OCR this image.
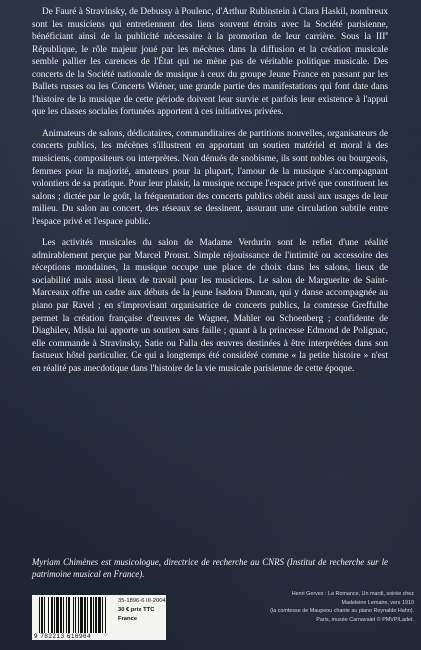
De Fauré à Stravinsky, de Debussy à Poulenc, d'Arthur Rubinstein à Clara Haskil, nombreux sont les musiciens qui entretiennent des liens souvent étroits avec la Société parisienne, bénéficiant ainsi de la publicité nécessaire à la promotion de leur carrière. Sous la IIIe République, le rôle majeur joué par les mécènes dans la diffusion et la création musicale semble pallier les carences de l'État qui ne mène pas de véritable politique musicale. Des concerts de la Société nationale de musique à ceux du groupe Jeune France en passant par les Ballets russes ou les Concerts Wiéner, une grande partie des manifestations qui font date dans l'histoire de la musique de cette période doivent leur survie et parfois leur existence à l'appui que les classes sociales fortunées apportent à ces initiatives privées.

Animateurs de salons, dédicataires, commanditaires de partitions nouvelles, organisateurs de concerts publics, les mécènes s'illustrent en apportant un soutien matériel et moral à des musiciens, compositeurs ou interprètes. Non dénués de snobisme, ils sont nobles ou bourgeois, femmes pour la majorité, amateurs pour la plupart, l'amour de la musique s'accompagnant volontiers de sa pratique. Pour leur plaisir, la musique occupe l'espace privé que constituent les salons ; dictée par le goût, la fréquentation des concerts publics obéit aussi aux usages de leur milieu. Du salon au concert, des réseaux se dessinent, assurant une circulation subtile entre l'espace privé et l'espace public.

Les activités musicales du salon de Madame Verdurin sont le reflet d'une réalité admirablement perçue par Marcel Proust. Simple réjouissance de l'intimité ou accessoire des réceptions mondaines, la musique occupe une place de choix dans les salons, lieux de sociabilité mais aussi lieux de travail pour les musiciens. Le salon de Marguerite de Saint-Marceaux offre un cadre aux débuts de la jeune Isadora Duncan, qui y danse accompagnée au piano par Ravel ; en s'improvisant organisatrice de concerts publics, la comtesse Greffulhe permet la création française d'œuvres de Wagner, Mahler ou Schoenberg ; confidente de Diaghilev, Misia lui apporte un soutien sans faille ; quant à la princesse Edmond de Polignac, elle commande à Stravinsky, Satie ou Falla des œuvres destinées à être interprétées dans son fastueux hôtel particulier. Ce qui a longtemps été considéré comme « la petite histoire » n'est en réalité pas anecdotique dans l'histoire de la vie musicale parisienne de cette époque.

Myriam Chimènes est musicologue, directrice de recherche au CNRS (Institut de recherche sur le patrimoine musical en France).
9 782213 616964
35-1896-6 III-2004
30 € prix TTC France
Henri Gervex : La Romance, Un mardi, soirée chez
Madeleine Lemaire, vers 1910
(la comtesse de Maupeou chante au piano Reynaldo Hahn).
Paris, musée Carnavalet © PMVP/Ladet.
